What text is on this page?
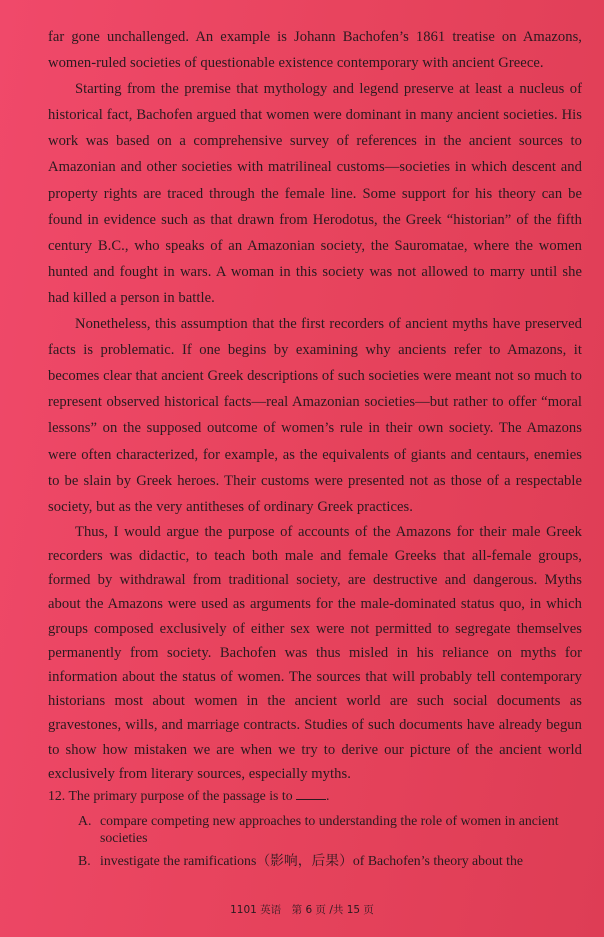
far gone unchallenged. An example is Johann Bachofen’s 1861 treatise on Amazons, women-ruled societies of questionable existence contemporary with ancient Greece.

Starting from the premise that mythology and legend preserve at least a nucleus of historical fact, Bachofen argued that women were dominant in many ancient societies. His work was based on a comprehensive survey of references in the ancient sources to Amazonian and other societies with matrilineal customs—societies in which descent and property rights are traced through the female line. Some support for his theory can be found in evidence such as that drawn from Herodotus, the Greek “historian” of the fifth century B.C., who speaks of an Amazonian society, the Sauromatae, where the women hunted and fought in wars. A woman in this society was not allowed to marry until she had killed a person in battle.

Nonetheless, this assumption that the first recorders of ancient myths have preserved facts is problematic. If one begins by examining why ancients refer to Amazons, it becomes clear that ancient Greek descriptions of such societies were meant not so much to represent observed historical facts—real Amazonian societies—but rather to offer “moral lessons” on the supposed outcome of women’s rule in their own society. The Amazons were often characterized, for example, as the equivalents of giants and centaurs, enemies to be slain by Greek heroes. Their customs were presented not as those of a respectable society, but as the very antitheses of ordinary Greek practices.

Thus, I would argue the purpose of accounts of the Amazons for their male Greek recorders was didactic, to teach both male and female Greeks that all-female groups, formed by withdrawal from traditional society, are destructive and dangerous. Myths about the Amazons were used as arguments for the male-dominated status quo, in which groups composed exclusively of either sex were not permitted to segregate themselves permanently from society. Bachofen was thus misled in his reliance on myths for information about the status of women. The sources that will probably tell contemporary historians most about women in the ancient world are such social documents as gravestones, wills, and marriage contracts. Studies of such documents have already begun to show how mistaken we are when we try to derive our picture of the ancient world exclusively from literary sources, especially myths.

12. The primary purpose of the passage is to .

A. compare competing new approaches to understanding the role of women in ancient societies

B. investigate the ramifications（影响，后果）of Bachofen’s theory about the

1101 英语　第 6 页 /共 15 页
